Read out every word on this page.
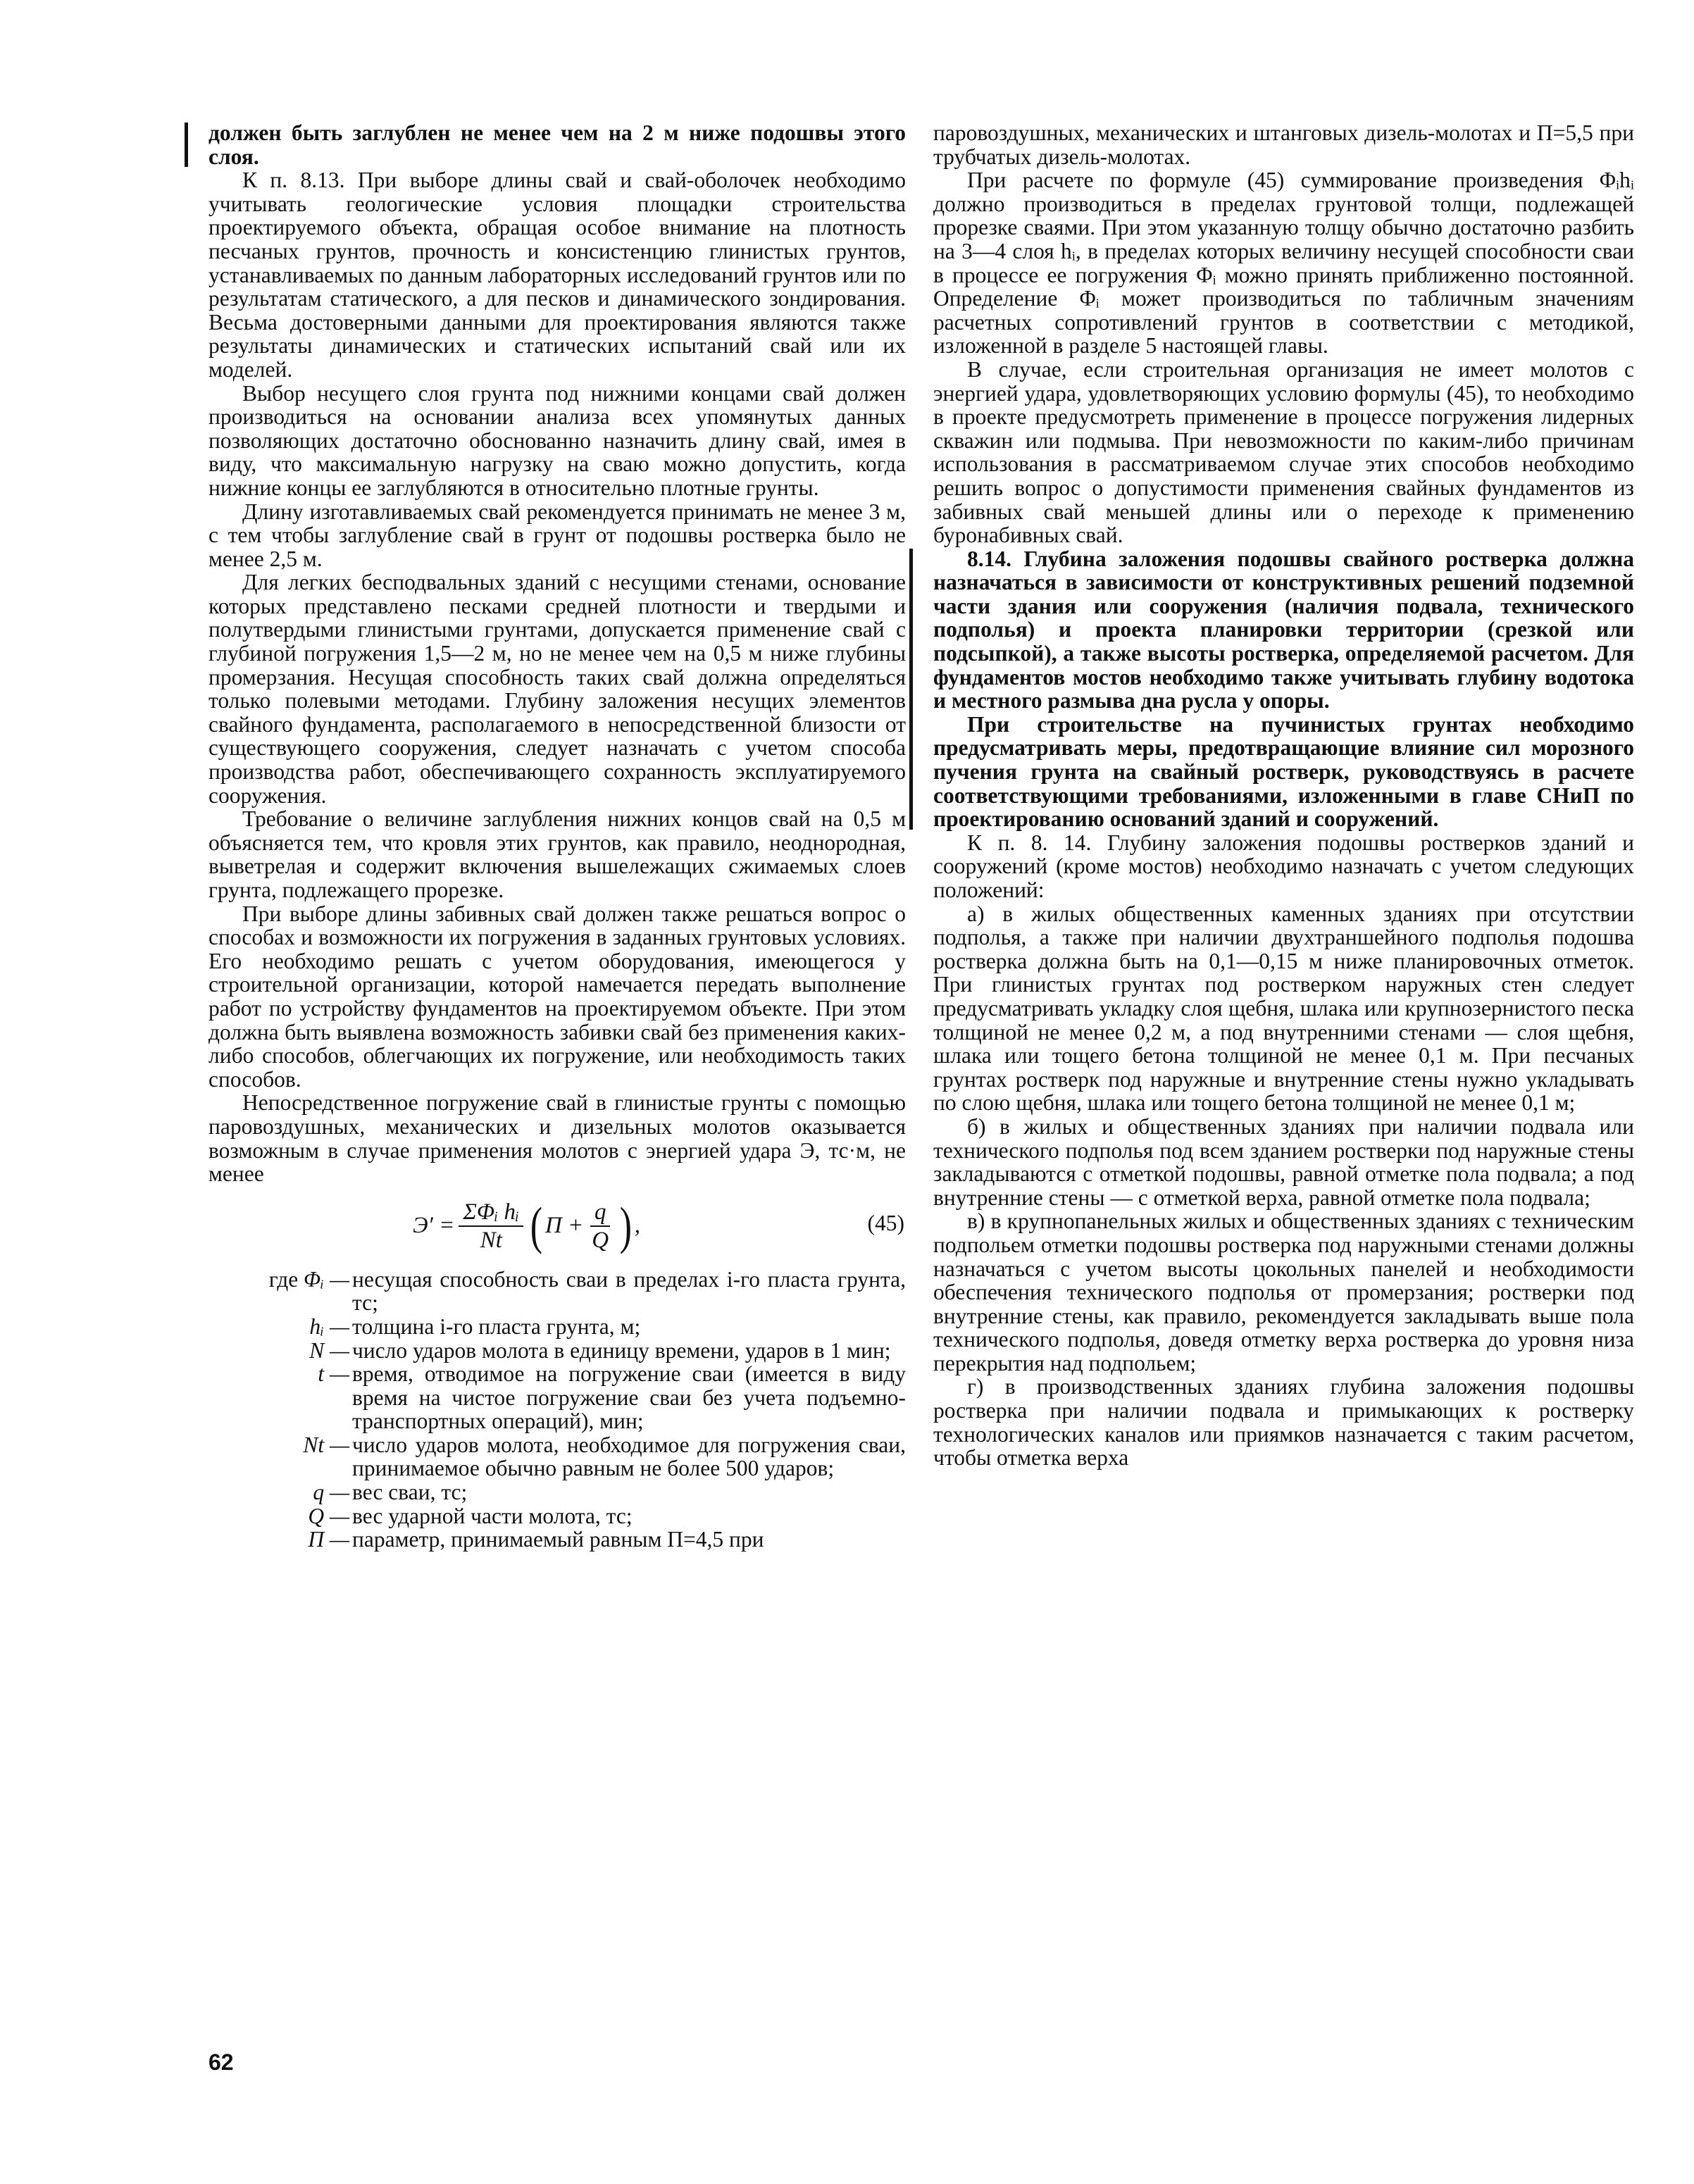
должен быть заглублен не менее чем на 2 м ниже подошвы этого слоя.

К п. 8.13. При выборе длины свай и свай-оболочек необходимо учитывать геологические условия площадки строительства проектируемого объекта, обращая особое внимание на плотность песчаных грунтов, прочность и консистенцию глинистых грунтов, устанавливаемых по данным лабораторных исследований грунтов или по результатам статического, а для песков и динамического зондирования. Весьма достоверными данными для проектирования являются также результаты динамических и статических испытаний свай или их моделей.

Выбор несущего слоя грунта под нижними концами свай должен производиться на основании анализа всех упомянутых данных позволяющих достаточно обоснованно назначить длину свай, имея в виду, что максимальную нагрузку на сваю можно допустить, когда нижние концы ее заглубляются в относительно плотные грунты.

Длину изготавливаемых свай рекомендуется принимать не менее 3 м, с тем чтобы заглубление свай в грунт от подошвы ростверка было не менее 2,5 м.

Для легких бесподвальных зданий с несущими стенами, основание которых представлено песками средней плотности и твердыми и полутвердыми глинистыми грунтами, допускается применение свай с глубиной погружения 1,5—2 м, но не менее чем на 0,5 м ниже глубины промерзания. Несущая способность таких свай должна определяться только полевыми методами. Глубину заложения несущих элементов свайного фундамента, располагаемого в непосредственной близости от существующего сооружения, следует назначать с учетом способа производства работ, обеспечивающего сохранность эксплуатируемого сооружения.

Требование о величине заглубления нижних концов свай на 0,5 м объясняется тем, что кровля этих грунтов, как правило, неоднородная, выветрелая и содержит включения вышележащих сжимаемых слоев грунта, подлежащего прорезке.

При выборе длины забивных свай должен также решаться вопрос о способах и возможности их погружения в заданных грунтовых условиях. Его необходимо решать с учетом оборудования, имеющегося у строительной организации, которой намечается передать выполнение работ по устройству фундаментов на проектируемом объекте. При этом должна быть выявлена возможность забивки свай без применения каких-либо способов, облегчающих их погружение, или необходимость таких способов.

Непосредственное погружение свай в глинистые грунты с помощью паровоздушных, механических и дизельных молотов оказывается возможным в случае применения молотов с энергией удара Э, тс·м, не менее

$Э' = \frac{\text{ΣΦᵢ hᵢ}}{Nt}$ ( $П + \frac{q}{Q}$ ) ,	(45)
где Φᵢ — несущая способность сваи в пределах i-го пласта грунта, тс;
hᵢ — толщина i-го пласта грунта, м;
N — число ударов молота в единицу времени, ударов в 1 мин;
t — время, отводимое на погружение сваи (имеется в виду время на чистое погружение сваи без учета подъемно-транспортных операций), мин;
Nt — число ударов молота, необходимое для погружения сваи, принимаемое обычно равным не более 500 ударов;
q — вес сваи, тс;
Q — вес ударной части молота, тс;
П — параметр, принимаемый равным П=4,5 при

паровоздушных, механических и штанговых дизель-молотах и П=5,5 при трубчатых дизель-молотах.

При расчете по формуле (45) суммирование произведения Φᵢhᵢ должно производиться в пределах грунтовой толщи, подлежащей прорезке сваями. При этом указанную толщу обычно достаточно разбить на 3—4 слоя hᵢ, в пределах которых величину несущей способности сваи в процессе ее погружения Φᵢ можно принять приближенно постоянной. Определение Φᵢ может производиться по табличным значениям расчетных сопротивлений грунтов в соответствии с методикой, изложенной в разделе 5 настоящей главы.

В случае, если строительная организация не имеет молотов с энергией удара, удовлетворяющих условию формулы (45), то необходимо в проекте предусмотреть применение в процессе погружения лидерных скважин или подмыва. При невозможности по каким-либо причинам использования в рассматриваемом случае этих способов необходимо решить вопрос о допустимости применения свайных фундаментов из забивных свай меньшей длины или о переходе к применению буронабивных свай.

8.14. Глубина заложения подошвы свайного ростверка должна назначаться в зависимости от конструктивных решений подземной части здания или сооружения (наличия подвала, технического подполья) и проекта планировки территории (срезкой или подсыпкой), а также высоты ростверка, определяемой расчетом. Для фундаментов мостов необходимо также учитывать глубину водотока и местного размыва дна русла у опоры.

При строительстве на пучинистых грунтах необходимо предусматривать меры, предотвращающие влияние сил морозного пучения грунта на свайный ростверк, руководствуясь в расчете соответствующими требованиями, изложенными в главе СНиП по проектированию оснований зданий и сооружений.

К п. 8. 14. Глубину заложения подошвы ростверков зданий и сооружений (кроме мостов) необходимо назначать с учетом следующих положений:

а) в жилых общественных каменных зданиях при отсутствии подполья, а также при наличии двухтраншейного подполья подошва ростверка должна быть на 0,1—0,15 м ниже планировочных отметок. При глинистых грунтах под ростверком наружных стен следует предусматривать укладку слоя щебня, шлака или крупнозернистого песка толщиной не менее 0,2 м, а под внутренними стенами — слоя щебня, шлака или тощего бетона толщиной не менее 0,1 м. При песчаных грунтах ростверк под наружные и внутренние стены нужно укладывать по слою щебня, шлака или тощего бетона толщиной не менее 0,1 м;

б) в жилых и общественных зданиях при наличии подвала или технического подполья под всем зданием ростверки под наружные стены закладываются с отметкой подошвы, равной отметке пола подвала; а под внутренние стены — с отметкой верха, равной отметке пола подвала;

в) в крупнопанельных жилых и общественных зданиях с техническим подпольем отметки подошвы ростверка под наружными стенами должны назначаться с учетом высоты цокольных панелей и необходимости обеспечения технического подполья от промерзания; ростверки под внутренние стены, как правило, рекомендуется закладывать выше пола технического подполья, доведя отметку верха ростверка до уровня низа перекрытия над подпольем;

г) в производственных зданиях глубина заложения подошвы ростверка при наличии подвала и примыкающих к ростверку технологических каналов или приямков назначается с таким расчетом, чтобы отметка верха

62
